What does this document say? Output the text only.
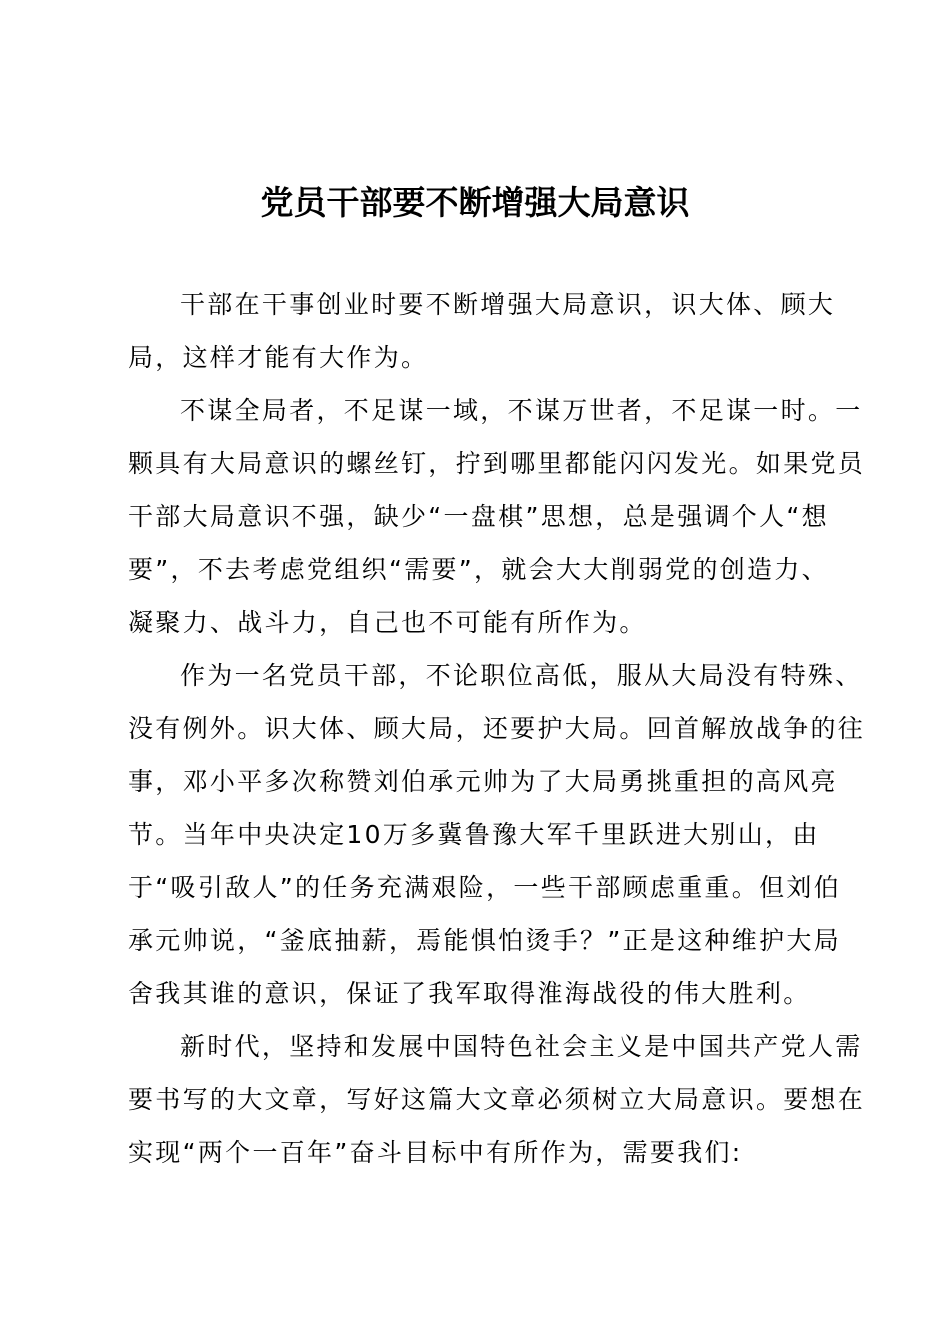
党员干部要不断增强大局意识
干部在干事创业时要不断增强大局意识，识大体、顾大
局，这样才能有大作为。
不谋全局者，不足谋一域，不谋万世者，不足谋一时。一
颗具有大局意识的螺丝钉，拧到哪里都能闪闪发光。如果党员
干部大局意识不强，缺少“一盘棋”思想，总是强调个人“想
要”，不去考虑党组织“需要”，就会大大削弱党的创造力、
凝聚力、战斗力，自己也不可能有所作为。
作为一名党员干部，不论职位高低，服从大局没有特殊、
没有例外。识大体、顾大局，还要护大局。回首解放战争的往
事，邓小平多次称赞刘伯承元帅为了大局勇挑重担的高风亮
节。当年中央决定10万多冀鲁豫大军千里跃进大别山，由
于“吸引敌人”的任务充满艰险，一些干部顾虑重重。但刘伯
承元帅说，“釜底抽薪，焉能惧怕烫手？”正是这种维护大局
舍我其谁的意识，保证了我军取得淮海战役的伟大胜利。
新时代，坚持和发展中国特色社会主义是中国共产党人需
要书写的大文章，写好这篇大文章必须树立大局意识。要想在
实现“两个一百年”奋斗目标中有所作为，需要我们:
